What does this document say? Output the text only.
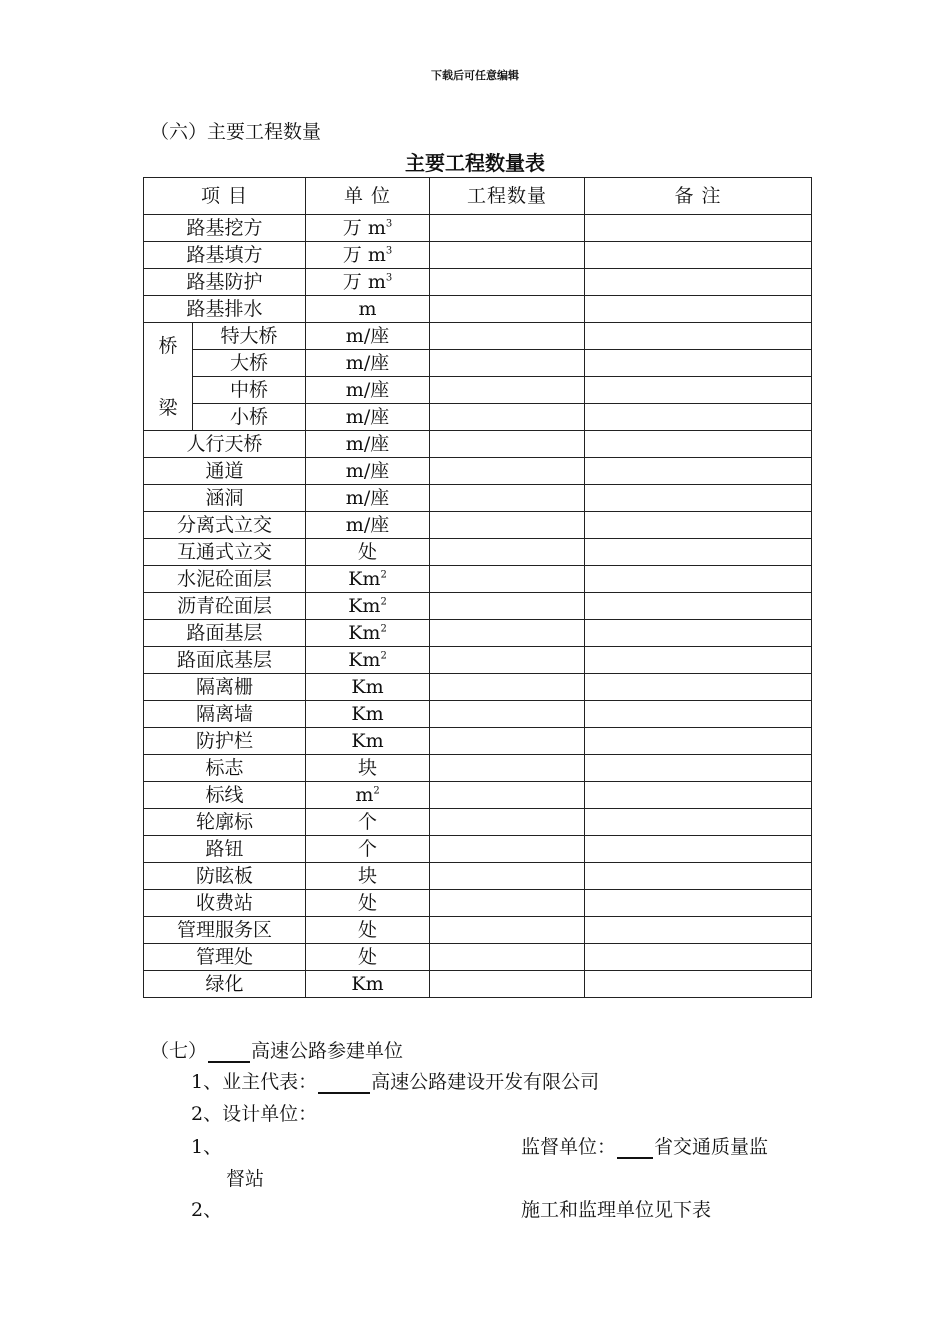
下载后可任意编辑
（六）主要工程数量
主要工程数量表
项 目		单 位	工程数量	备 注
路基挖方		万 $m^3$		
路基填方		万 $m^3$		
路基防护		万 $m^3$		
路基排水		m		

桥
梁	特大桥	m/座		
	大桥	m/座		
	中桥	m/座		
	小桥	m/座		
人行天桥		m/座		
通道		m/座		
涵洞		m/座		
分离式立交		m/座		
互通式立交		处		
水泥砼面层		Km$^2$		
沥青砼面层		Km$^2$		
路面基层		Km$^2$		
路面底基层		Km$^2$		
隔离栅		Km		
隔离墙		Km		
防护栏		Km		
标志		块		
标线		$m^2$		
轮廓标		个		
路钮		个		
防眩板		块		
收费站		处		
管理服务区		处		
管理处		处		
绿化		Km		
（七） 高速公路参建单位
1、业主代表：	高速公路建设开发有限公司
2、设计单位：
1、	监督单位： 省交通质量监
督站
2、	施工和监理单位见下表
